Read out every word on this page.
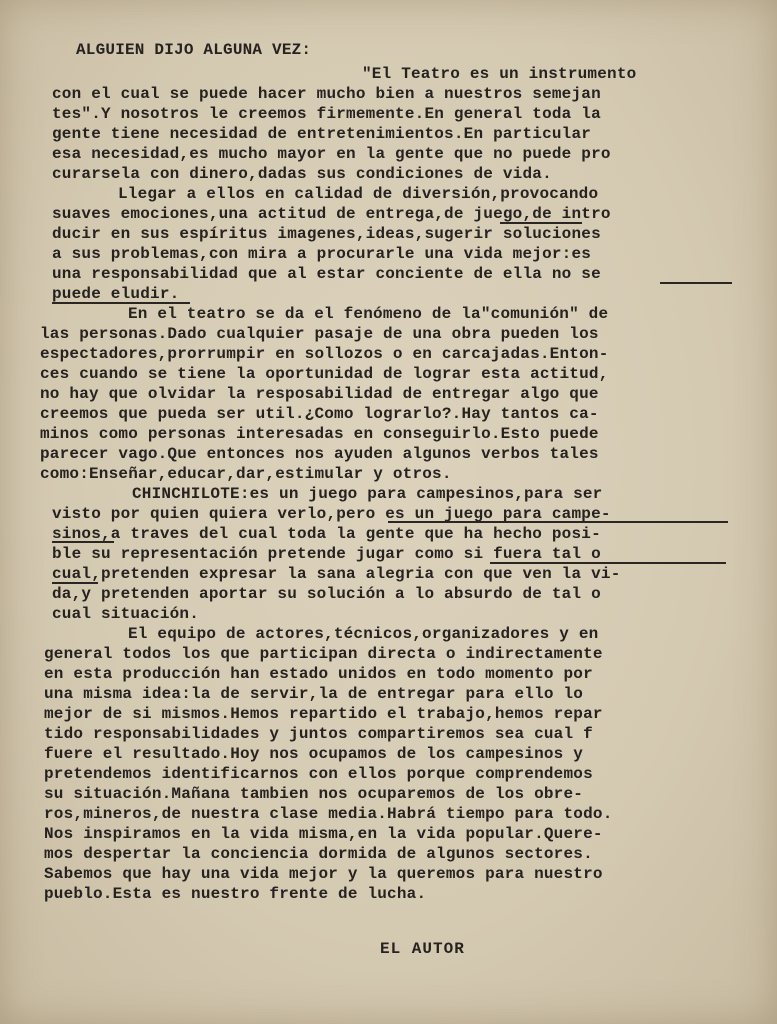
ALGUIEN DIJO ALGUNA VEZ:
"El Teatro es un instrumento
con el cual se puede hacer mucho bien a nuestros semejan
tes".Y nosotros le creemos firmemente.En general toda la
gente tiene necesidad de entretenimientos.En particular
esa necesidad,es mucho mayor en la gente que no puede pro
curarsela con dinero,dadas sus condiciones de vida.
Llegar a ellos en calidad de diversión,provocando
suaves emociones,una actitud de entrega,de juego,de intro
ducir en sus espíritus imagenes,ideas,sugerir soluciones
a sus problemas,con mira a procurarle una vida mejor:es
una responsabilidad que al estar conciente de ella no se
puede eludir.
En el teatro se da el fenómeno de la"comunión" de
las personas.Dado cualquier pasaje de una obra pueden los
espectadores,prorrumpir en sollozos o en carcajadas.Enton-
ces cuando se tiene la oportunidad de lograr esta actitud,
no hay que olvidar la resposabilidad de entregar algo que
creemos que pueda ser util.¿Como lograrlo?.Hay tantos ca-
minos como personas interesadas en conseguirlo.Esto puede
parecer vago.Que entonces nos ayuden algunos verbos tales
como:Enseñar,educar,dar,estimular y otros.
CHINCHILOTE:es un juego para campesinos,para ser
visto por quien quiera verlo,pero es un juego para campe-
sinos,a traves del cual toda la gente que ha hecho posi-
ble su representación pretende jugar como si fuera tal o
cual,pretenden expresar la sana alegria con que ven la vi-
da,y pretenden aportar su solución a lo absurdo de tal o
cual situación.
El equipo de actores,técnicos,organizadores y en
general todos los que participan directa o indirectamente
en esta producción han estado unidos en todo momento por
una misma idea:la de servir,la de entregar para ello lo
mejor de si mismos.Hemos repartido el trabajo,hemos repar
tido responsabilidades y juntos compartiremos sea cual f
fuere el resultado.Hoy nos ocupamos de los campesinos y
pretendemos identificarnos con ellos porque comprendemos
su situación.Mañana tambien nos ocuparemos de los obre-
ros,mineros,de nuestra clase media.Habrá tiempo para todo.
Nos inspiramos en la vida misma,en la vida popular.Querе-
mos despertar la conciencia dormida de algunos sectores.
Sabemos que hay una vida mejor y la queremos para nuestro
pueblo.Esta es nuestro frente de lucha.
EL AUTOR
